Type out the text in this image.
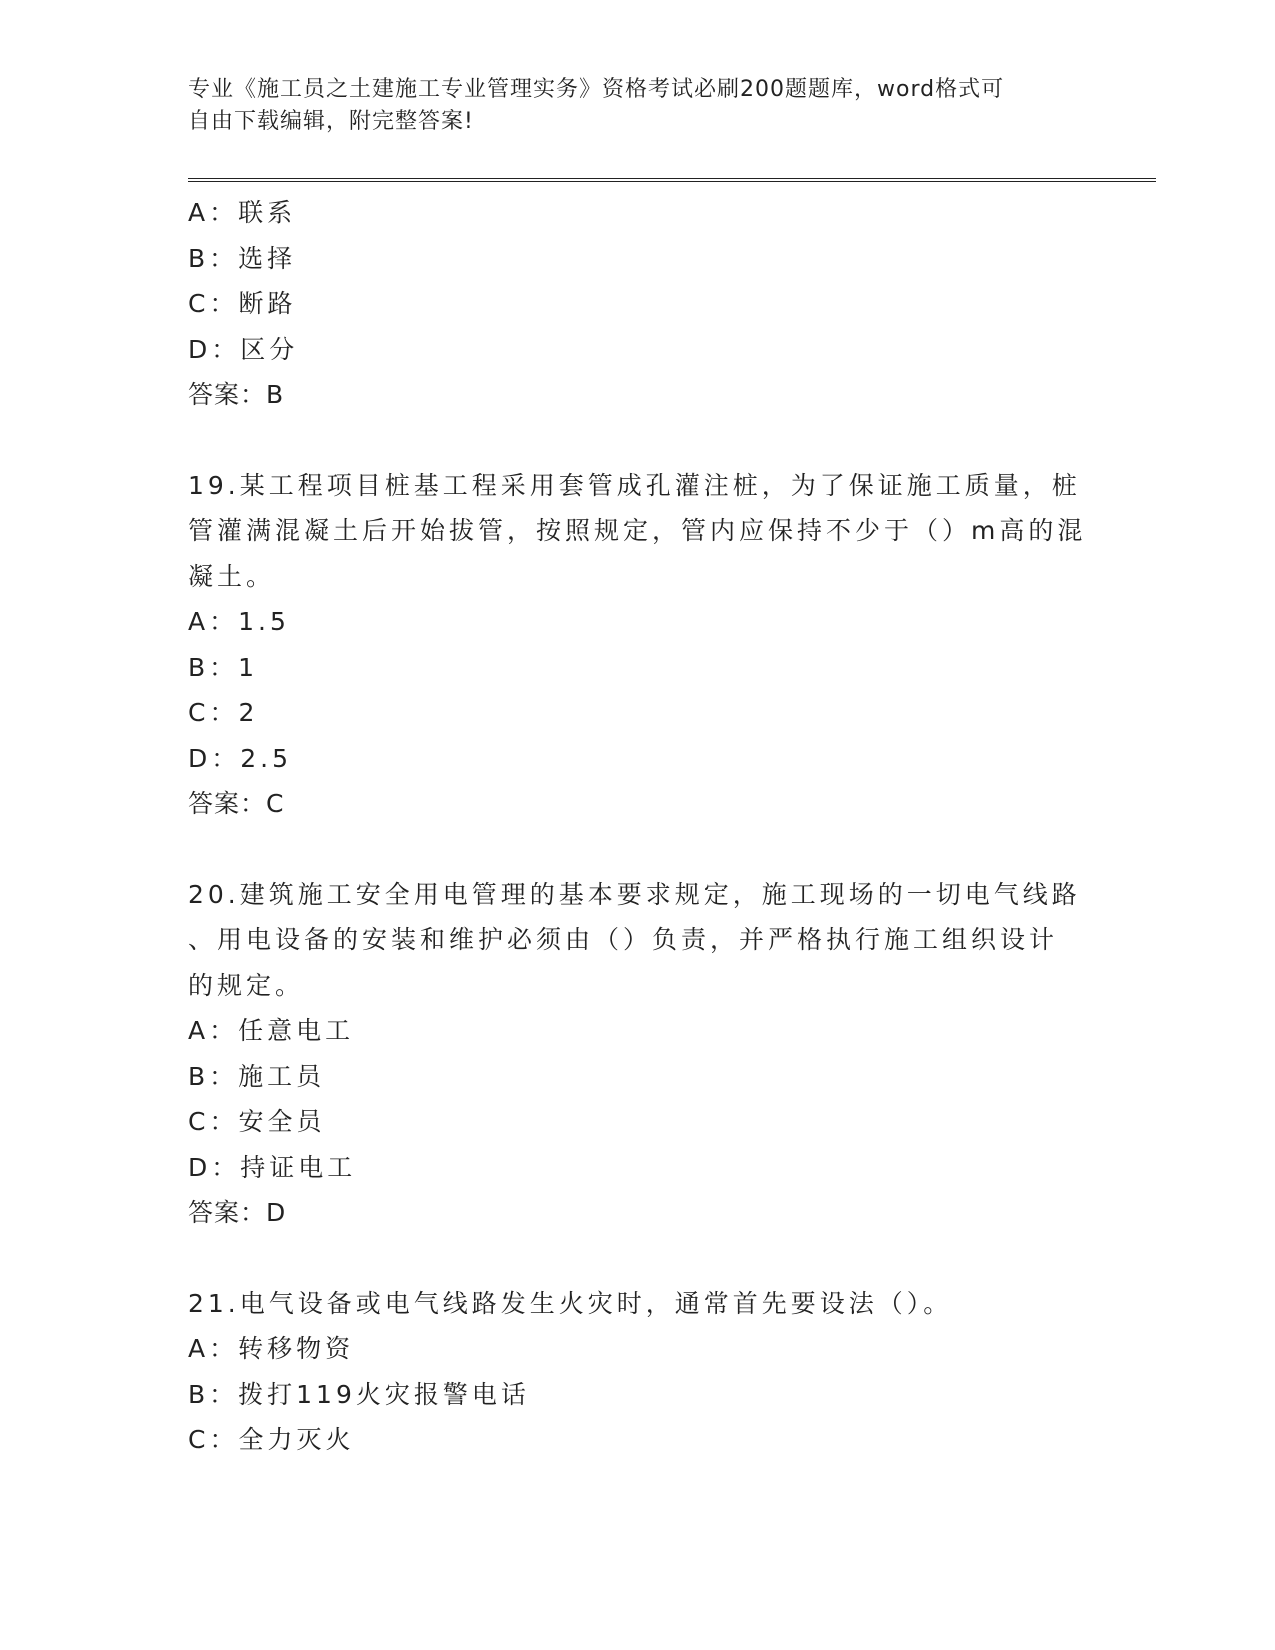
专业《施工员之土建施工专业管理实务》资格考试必刷200题题库，word格式可
自由下载编辑，附完整答案!
A：联系
B：选择
C：断路
D：区分
答案：B
19.某工程项目桩基工程采用套管成孔灌注桩，为了保证施工质量，桩
管灌满混凝土后开始拔管，按照规定，管内应保持不少于（）m高的混
凝土。
A：1.5
B：1
C：2
D：2.5
答案：C
20.建筑施工安全用电管理的基本要求规定，施工现场的一切电气线路
、用电设备的安装和维护必须由（）负责，并严格执行施工组织设计
的规定。
A：任意电工
B：施工员
C：安全员
D：持证电工
答案：D
21.电气设备或电气线路发生火灾时，通常首先要设法（）。
A：转移物资
B：拨打119火灾报警电话
C：全力灭火
